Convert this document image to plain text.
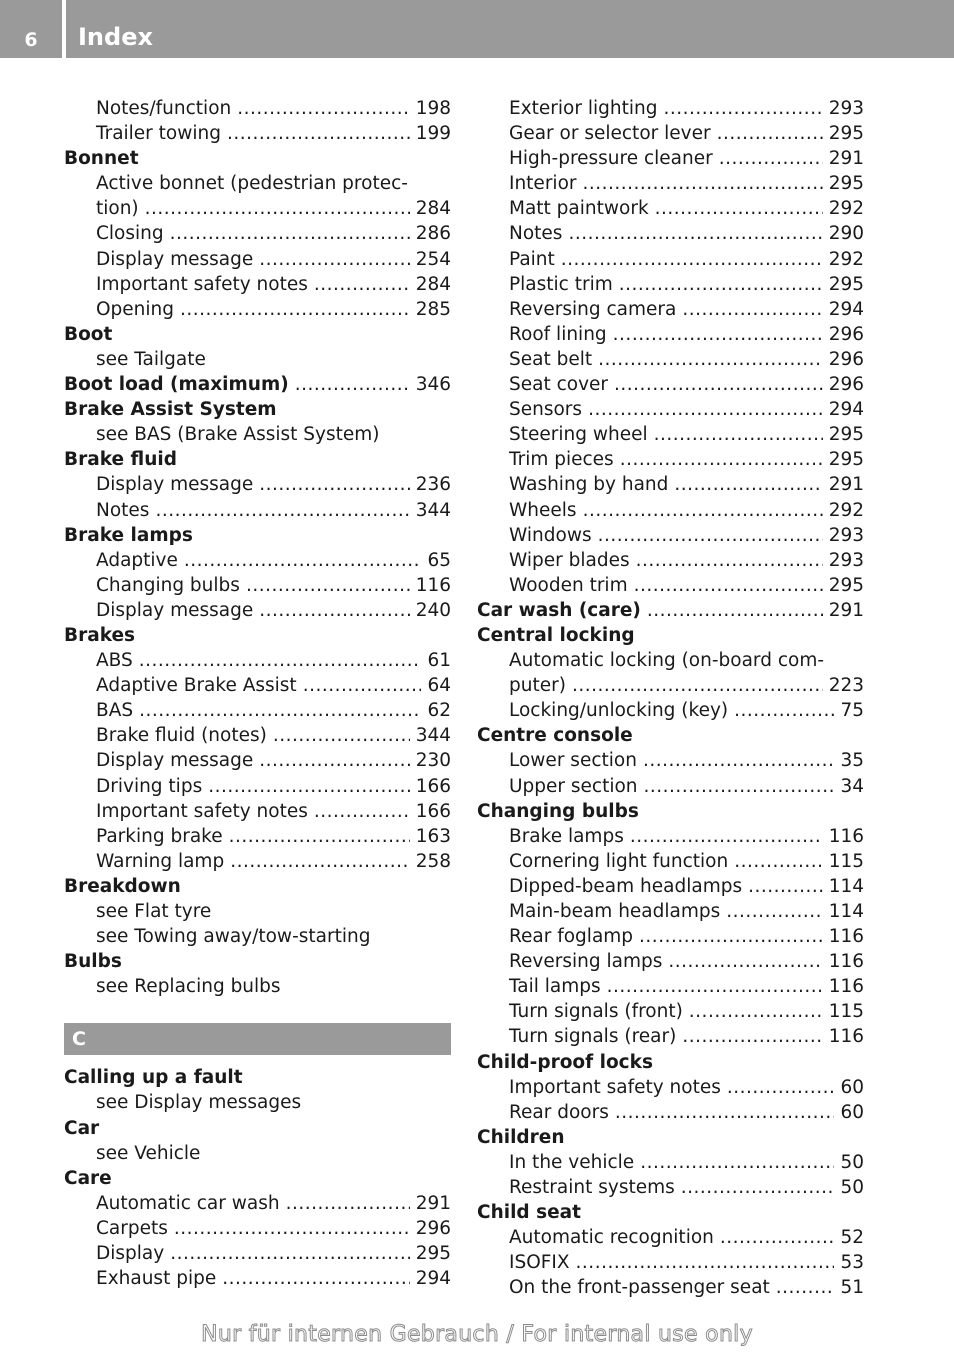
6	Index
Notes/function .....	198
Trailer towing .....	199
Bonnet
Active bonnet (pedestrian protec-
tion) .....	284
Closing .....	286
Display message .....	254
Important safety notes .....	284
Opening .....	285
Boot
see Tailgate
Boot load (maximum) .....	346
Brake Assist System
see BAS (Brake Assist System)
Brake fluid
Display message .....	236
Notes .....	344
Brake lamps
Adaptive .....	65
Changing bulbs .....	116
Display message .....	240
Brakes
ABS .....	61
Adaptive Brake Assist .....	64
BAS .....	62
Brake fluid (notes) .....	344
Display message .....	230
Driving tips .....	166
Important safety notes .....	166
Parking brake .....	163
Warning lamp .....	258
Breakdown
see Flat tyre
see Towing away/tow-starting
Bulbs
see Replacing bulbs
C
Calling up a fault
see Display messages
Car
see Vehicle
Care
Automatic car wash .....	291
Carpets .....	296
Display .....	295
Exhaust pipe .....	294
Exterior lighting .....	293
Gear or selector lever .....	295
High-pressure cleaner .....	291
Interior .....	295
Matt paintwork .....	292
Notes .....	290
Paint .....	292
Plastic trim .....	295
Reversing camera .....	294
Roof lining .....	296
Seat belt .....	296
Seat cover .....	296
Sensors .....	294
Steering wheel .....	295
Trim pieces .....	295
Washing by hand .....	291
Wheels .....	292
Windows .....	293
Wiper blades .....	293
Wooden trim .....	295
Car wash (care) .....	291
Central locking
Automatic locking (on-board com-
puter) .....	223
Locking/unlocking (key) .....	75
Centre console
Lower section .....	35
Upper section .....	34
Changing bulbs
Brake lamps .....	116
Cornering light function .....	115
Dipped-beam headlamps .....	114
Main-beam headlamps .....	114
Rear foglamp .....	116
Reversing lamps .....	116
Tail lamps .....	116
Turn signals (front) .....	115
Turn signals (rear) .....	116
Child-proof locks
Important safety notes .....	60
Rear doors .....	60
Children
In the vehicle .....	50
Restraint systems .....	50
Child seat
Automatic recognition .....	52
ISOFIX .....	53
On the front-passenger seat .....	51
Nur für internen Gebrauch / For internal use only
